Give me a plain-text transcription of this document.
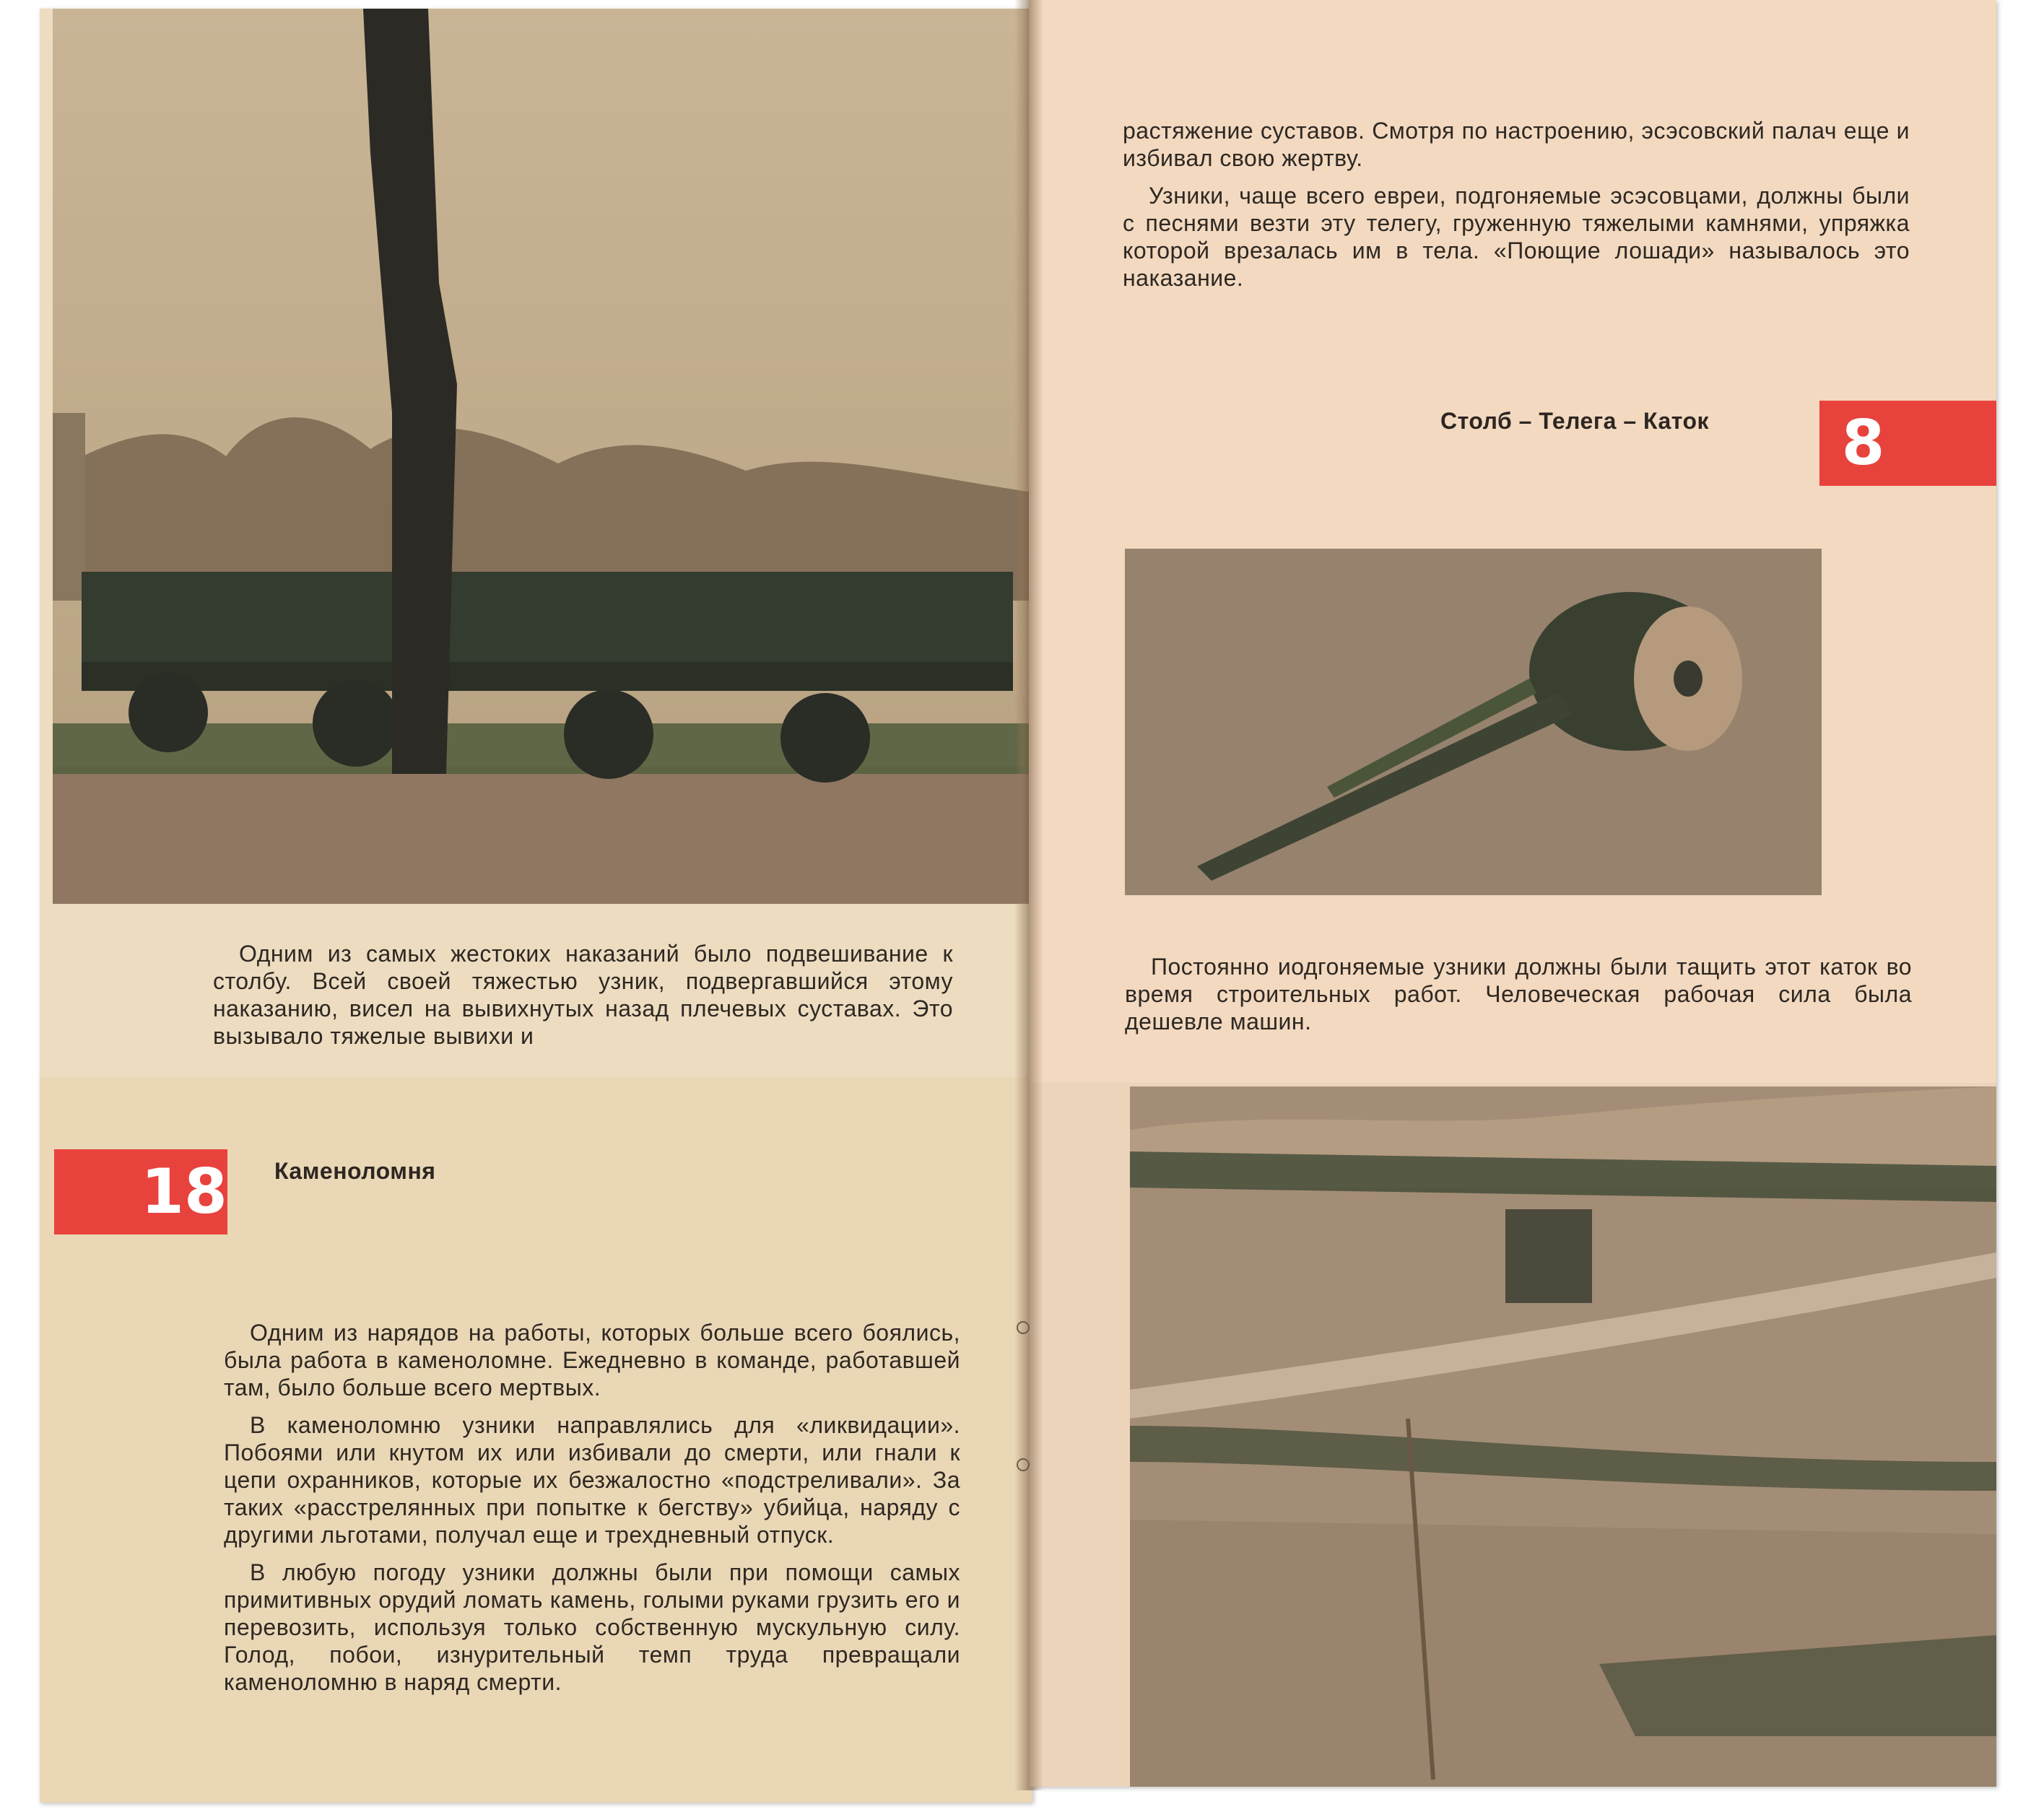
Одним из самых жестоких наказаний было подвешивание к столбу. Всей своей тяжестью узник, подвергавшийся этому наказанию, висел на вывихнутых назад плечевых суставах. Это вызывало тяжелые вывихи и

18 Каменоломня

Одним из нарядов на работы, которых больше всего боялись, была работа в каменоломне. Ежедневно в команде, работавшей там, было больше всего мертвых.

В каменоломню узники направлялись для «ликвидации». Побоями или кнутом их или избивали до смерти, или гнали к цепи охранников, которые их безжалостно «подстреливали». За таких «расстрелянных при попытке к бегству» убийца, наряду с другими льготами, получал еще и трехдневный отпуск.

В любую погоду узники должны были при помощи самых примитивных орудий ломать камень, голыми руками грузить его и перевозить, используя только собственную мускульную силу. Голод, побои, изнурительный темп труда превращали каменоломню в наряд смерти.

растяжение суставов. Смотря по настроению, эсэсовский палач еще и избивал свою жертву.

Узники, чаще всего евреи, подгоняемые эсэсовцами, должны были с песнями везти эту телегу, груженную тяжелыми камнями, упряжка которой врезалась им в тела. «Поющие лошади» называлось это наказание.

Столб – Телега – Каток	8

Постоянно иодгоняемые узники должны были тащить этот каток во время строительных работ. Человеческая рабочая сила была дешевле машин.
